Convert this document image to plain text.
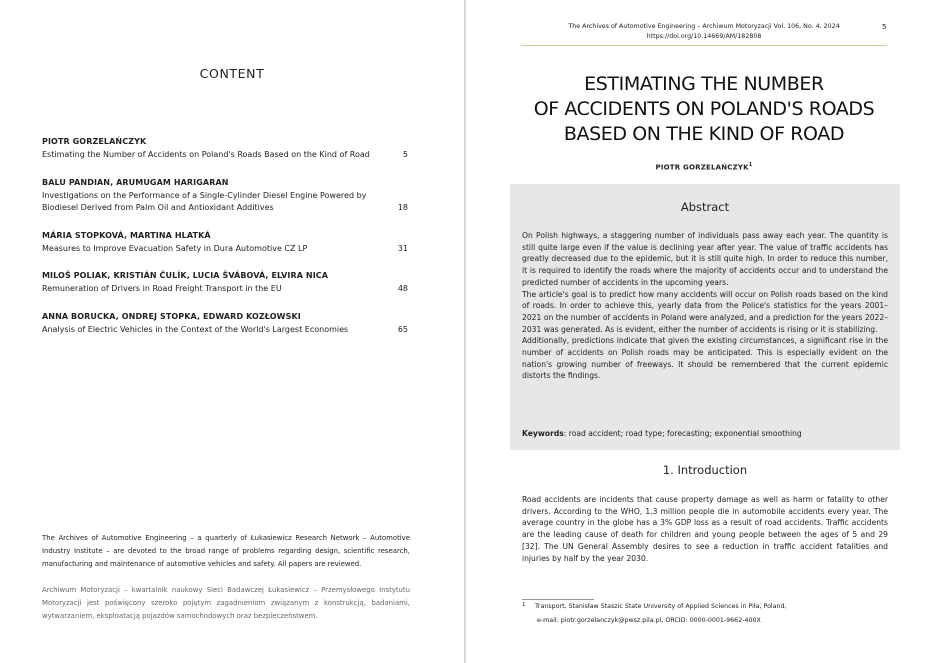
CONTENT
PIOTR GORZELAŃCZYK
Estimating the Number of Accidents on Poland's Roads Based on the Kind of Road	5
BALU PANDIAN, ARUMUGAM HARIGARAN
Investigations on the Performance of a Single-Cylinder Diesel Engine Powered by Biodiesel Derived from Palm Oil and Antioxidant Additives	18
MÁRIA STOPKOVÁ, MARTINA HLATKÁ
Measures to Improve Evacuation Safety in Dura Automotive CZ LP	31
MILOŠ POLIAK, KRISTIÁN ČULÍK, LUCIA ŠVÁBOVÁ, ELVIRA NICA
Remuneration of Drivers in Road Freight Transport in the EU	48
ANNA BORUCKA, ONDREJ STOPKA, EDWARD KOZŁOWSKI
Analysis of Electric Vehicles in the Context of the World's Largest Economies	65
The Archives of Automotive Engineering – a quarterly of Łukasiewicz Research Network – Automotive Industry Institute – are devoted to the broad range of problems regarding design, scientific research, manufacturing and maintenance of automotive vehicles and safety. All papers are reviewed.
Archiwum Motoryzacji – kwartalnik naukowy Sieci Badawczej Łukasiewicz – Przemysłowego Instytutu Motoryzacji jest poświęcony szeroko pojętym zagadnieniom związanym z konstrukcją, badaniami, wytwarzaniem, eksploatacją pojazdów samochodowych oraz bezpieczeństwem.
The Archives of Automotive Engineering – Archiwum Motoryzacji Vol. 106, No. 4, 2024
https://doi.org/10.14669/AM/182808
5
ESTIMATING THE NUMBER
OF ACCIDENTS ON POLAND'S ROADS
BASED ON THE KIND OF ROAD
PIOTR GORZELAŃCZYK$^1$
Abstract

On Polish highways, a staggering number of individuals pass away each year. The quantity is still quite large even if the value is declining year after year. The value of traffic accidents has greatly decreased due to the epidemic, but it is still quite high. In order to reduce this number, it is required to identify the roads where the majority of accidents occur and to understand the predicted number of accidents in the upcoming years.

The article's goal is to predict how many accidents will occur on Polish roads based on the kind of roads. In order to achieve this, yearly data from the Police's statistics for the years 2001–2021 on the number of accidents in Poland were analyzed, and a prediction for the years 2022–2031 was generated. As is evident, either the number of accidents is rising or it is stabilizing.

Additionally, predictions indicate that given the existing circumstances, a significant rise in the number of accidents on Polish roads may be anticipated. This is especially evident on the nation's growing number of freeways. It should be remembered that the current epidemic distorts the findings.

Keywords: road accident; road type; forecasting; exponential smoothing
1. Introduction
Road accidents are incidents that cause property damage as well as harm or fatality to other drivers. According to the WHO, 1.3 million people die in automobile accidents every year. The average country in the globe has a 3% GDP loss as a result of road accidents. Traffic accidents are the leading cause of death for children and young people between the ages of 5 and 29 [32]. The UN General Assembly desires to see a reduction in traffic accident fatalities and injuries by half by the year 2030.
1 Transport, Stanisław Staszic State University of Applied Sciences in Piła, Poland,
e-mail: piotr.gorzelanczyk@pwsz.pila.pl, ORCID: 0000-0001-9662-400X
